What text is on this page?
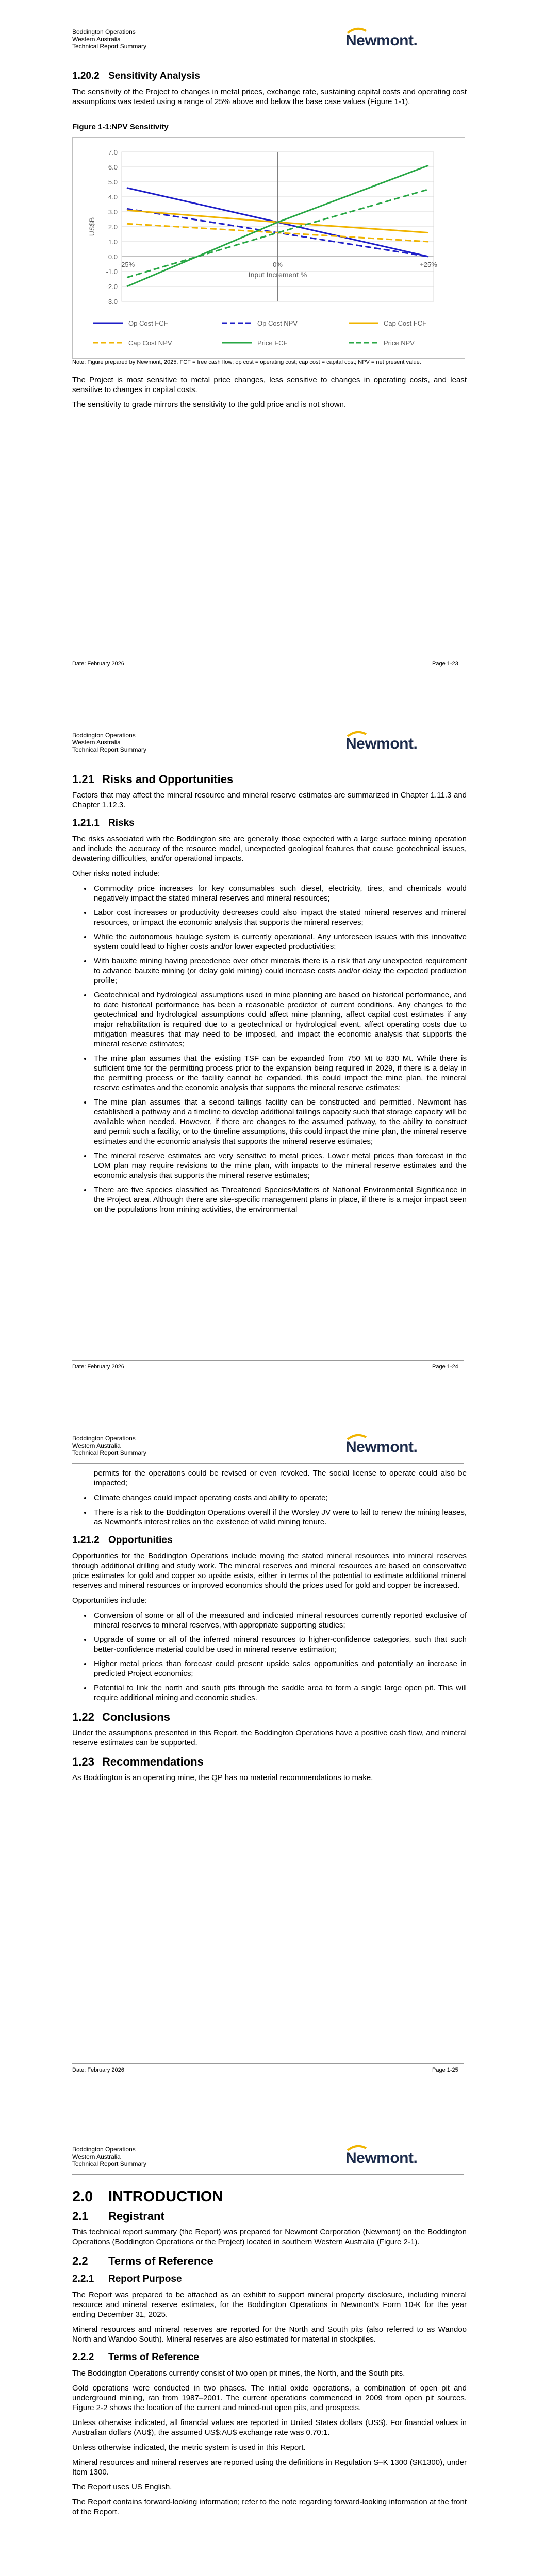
Boddington Operations
Western Australia
Technical Report Summary	Newmont.
1.20.2 Sensitivity Analysis

The sensitivity of the Project to changes in metal prices, exchange rate, sustaining capital costs and operating cost assumptions was tested using a range of 25% above and below the base case values (Figure 1-1).

Figure 1-1:NPV Sensitivity
7.0
6.0
5.0
4.0
3.0
2.0
1.0
0.0
-1.0
-2.0
-3.0
US$B
-25%	0%	+25%
Input Increment %
Op Cost FCF	Op Cost NPV	Cap Cost FCF
Cap Cost NPV	Price FCF	Price NPV

Note: Figure prepared by Newmont, 2025. FCF = free cash flow; op cost = operating cost; cap cost = capital cost; NPV = net present value.

The Project is most sensitive to metal price changes, less sensitive to changes in operating costs, and least sensitive to changes in capital costs.

The sensitivity to grade mirrors the sensitivity to the gold price and is not shown.

Date: February 2026	Page 1-23
Boddington Operations
Western Australia
Technical Report Summary	Newmont.
1.21 Risks and Opportunities

Factors that may affect the mineral resource and mineral reserve estimates are summarized in Chapter 1.11.3 and Chapter 1.12.3.

1.21.1 Risks

The risks associated with the Boddington site are generally those expected with a large surface mining operation and include the accuracy of the resource model, unexpected geological features that cause geotechnical issues, dewatering difficulties, and/or operational impacts.

Other risks noted include:

• Commodity price increases for key consumables such diesel, electricity, tires, and chemicals would negatively impact the stated mineral reserves and mineral resources;
• Labor cost increases or productivity decreases could also impact the stated mineral reserves and mineral resources, or impact the economic analysis that supports the mineral reserves;
• While the autonomous haulage system is currently operational. Any unforeseen issues with this innovative system could lead to higher costs and/or lower expected productivities;
• With bauxite mining having precedence over other minerals there is a risk that any unexpected requirement to advance bauxite mining (or delay gold mining) could increase costs and/or delay the expected production profile;
• Geotechnical and hydrological assumptions used in mine planning are based on historical performance, and to date historical performance has been a reasonable predictor of current conditions. Any changes to the geotechnical and hydrological assumptions could affect mine planning, affect capital cost estimates if any major rehabilitation is required due to a geotechnical or hydrological event, affect operating costs due to mitigation measures that may need to be imposed, and impact the economic analysis that supports the mineral reserve estimates;
• The mine plan assumes that the existing TSF can be expanded from 750 Mt to 830 Mt. While there is sufficient time for the permitting process prior to the expansion being required in 2029, if there is a delay in the permitting process or the facility cannot be expanded, this could impact the mine plan, the mineral reserve estimates and the economic analysis that supports the mineral reserve estimates;
• The mine plan assumes that a second tailings facility can be constructed and permitted. Newmont has established a pathway and a timeline to develop additional tailings capacity such that storage capacity will be available when needed. However, if there are changes to the assumed pathway, to the ability to construct and permit such a facility, or to the timeline assumptions, this could impact the mine plan, the mineral reserve estimates and the economic analysis that supports the mineral reserve estimates;
• The mineral reserve estimates are very sensitive to metal prices. Lower metal prices than forecast in the LOM plan may require revisions to the mine plan, with impacts to the mineral reserve estimates and the economic analysis that supports the mineral reserve estimates;
• There are five species classified as Threatened Species/Matters of National Environmental Significance in the Project area. Although there are site-specific management plans in place, if there is a major impact seen on the populations from mining activities, the environmental
Date: February 2026	Page 1-24
Boddington Operations
Western Australia
Technical Report Summary	Newmont.

permits for the operations could be revised or even revoked. The social license to operate could also be impacted;

• Climate changes could impact operating costs and ability to operate;
• There is a risk to the Boddington Operations overall if the Worsley JV were to fail to renew the mining leases, as Newmont's interest relies on the existence of valid mining tenure.
1.21.2 Opportunities

Opportunities for the Boddington Operations include moving the stated mineral resources into mineral reserves through additional drilling and study work. The mineral reserves and mineral resources are based on conservative price estimates for gold and copper so upside exists, either in terms of the potential to estimate additional mineral reserves and mineral resources or improved economics should the prices used for gold and copper be increased.

Opportunities include:

• Conversion of some or all of the measured and indicated mineral resources currently reported exclusive of mineral reserves to mineral reserves, with appropriate supporting studies;
• Upgrade of some or all of the inferred mineral resources to higher-confidence categories, such that such better-confidence material could be used in mineral reserve estimation;
• Higher metal prices than forecast could present upside sales opportunities and potentially an increase in predicted Project economics;
• Potential to link the north and south pits through the saddle area to form a single large open pit. This will require additional mining and economic studies.
1.22 Conclusions

Under the assumptions presented in this Report, the Boddington Operations have a positive cash flow, and mineral reserve estimates can be supported.

1.23 Recommendations

As Boddington is an operating mine, the QP has no material recommendations to make.

Date: February 2026	Page 1-25
Boddington Operations
Western Australia
Technical Report Summary	Newmont.
2.0 INTRODUCTION
2.1 Registrant

This technical report summary (the Report) was prepared for Newmont Corporation (Newmont) on the Boddington Operations (Boddington Operations or the Project) located in southern Western Australia (Figure 2-1).

2.2 Terms of Reference
2.2.1 Report Purpose

The Report was prepared to be attached as an exhibit to support mineral property disclosure, including mineral resource and mineral reserve estimates, for the Boddington Operations in Newmont's Form 10-K for the year ending December 31, 2025.

Mineral resources and mineral reserves are reported for the North and South pits (also referred to as Wandoo North and Wandoo South). Mineral reserves are also estimated for material in stockpiles.

2.2.2 Terms of Reference

The Boddington Operations currently consist of two open pit mines, the North, and the South pits.

Gold operations were conducted in two phases. The initial oxide operations, a combination of open pit and underground mining, ran from 1987–2001. The current operations commenced in 2009 from open pit sources. Figure 2-2 shows the location of the current and mined-out open pits, and prospects.

Unless otherwise indicated, all financial values are reported in United States dollars (US$). For financial values in Australian dollars (AU$), the assumed US$:AU$ exchange rate was 0.70:1.

Unless otherwise indicated, the metric system is used in this Report.

Mineral resources and mineral reserves are reported using the definitions in Regulation S–K 1300 (SK1300), under Item 1300.

The Report uses US English.

The Report contains forward-looking information; refer to the note regarding forward-looking information at the front of the Report.
